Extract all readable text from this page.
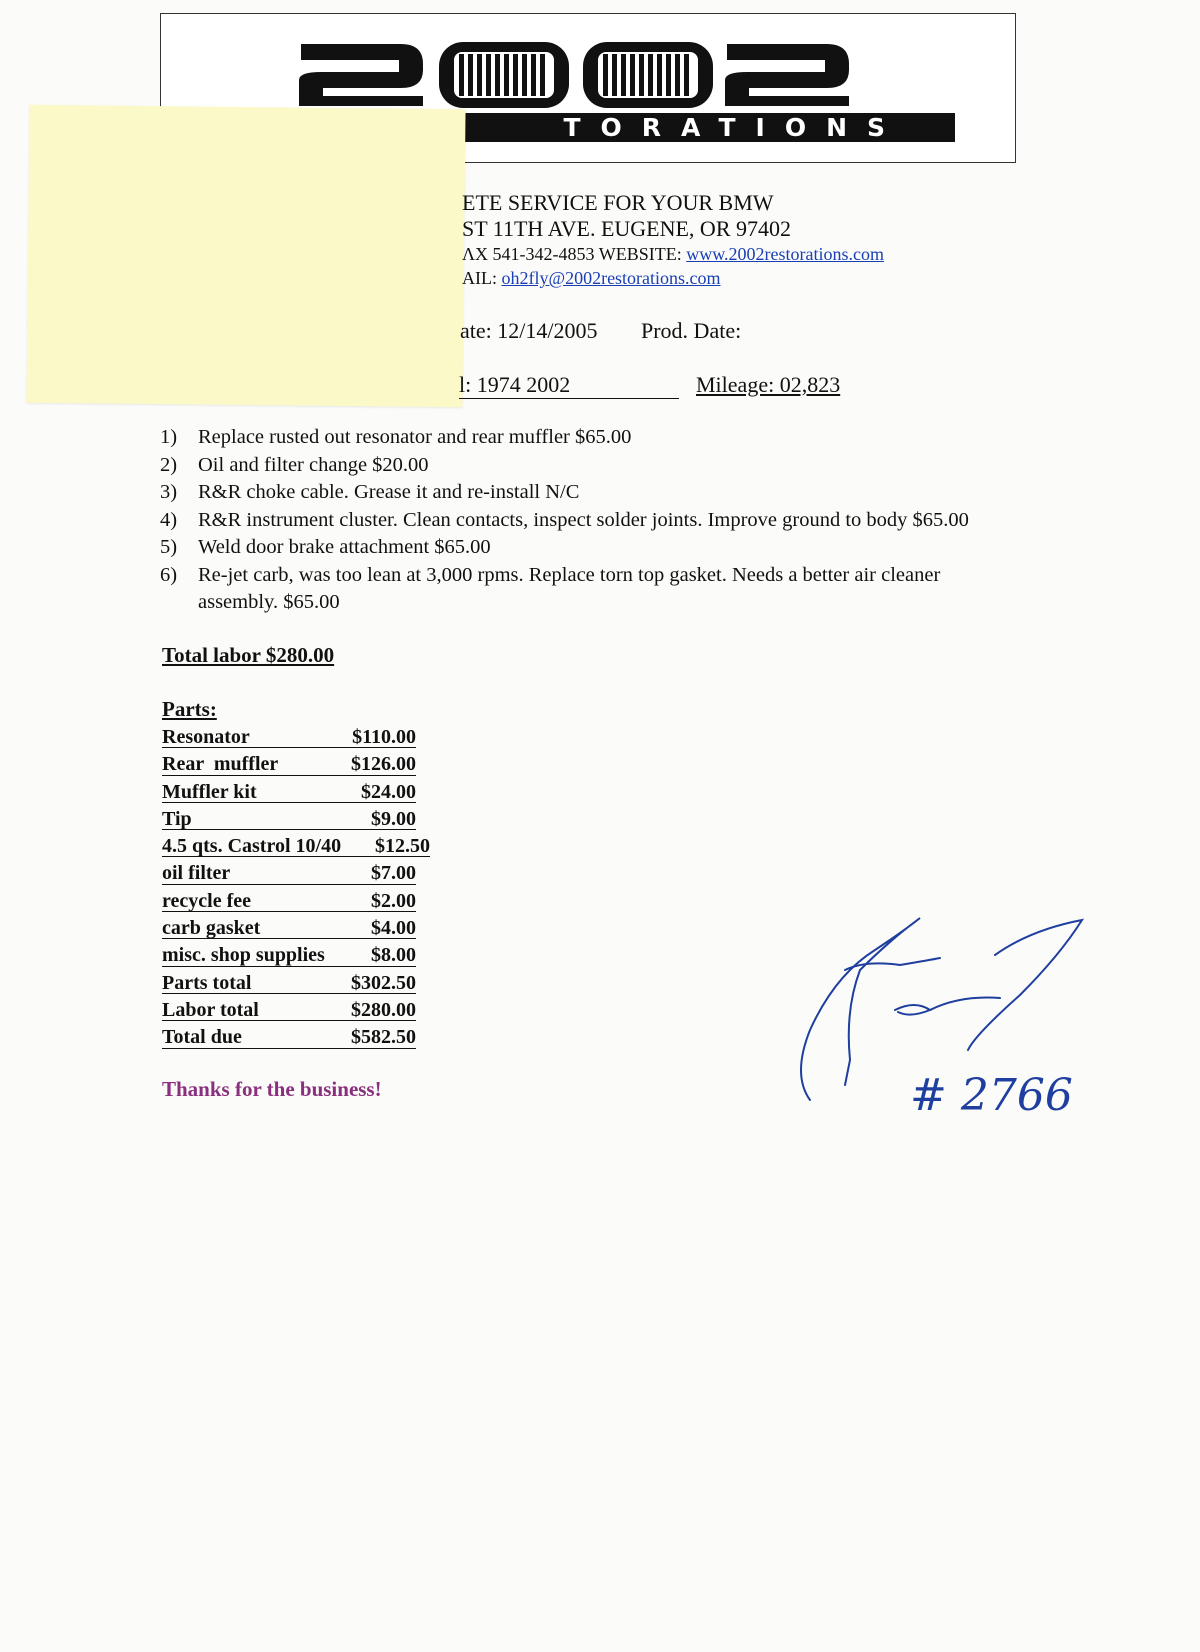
TORATIONS
ETE SERVICE FOR YOUR BMW
ST 11TH AVE. EUGENE, OR 97402
ɅX 541-342-4853 WEBSITE: www.2002restorations.com
AIL: oh2fly@2002restorations.com
ate: 12/14/2005 Prod. Date:
l: 1974 2002	Mileage: 02,823
1)	Replace rusted out resonator and rear muffler $65.00
2)	Oil and filter change $20.00
3)	R&R choke cable. Grease it and re-install N/C
4)	R&R instrument cluster. Clean contacts, inspect solder joints. Improve ground to body $65.00
5)	Weld door brake attachment $65.00
6)	Re-jet carb, was too lean at 3,000 rpms. Replace torn top gasket. Needs a better air cleaner assembly. $65.00
Total labor $280.00
Parts:
Resonator	$110.00
Rear  muffler	$126.00
Muffler kit	$24.00
Tip	$9.00
4.5 qts. Castrol 10/40 $12.50
oil filter	$7.00
recycle fee	$2.00
carb gasket	$4.00
misc. shop supplies $8.00
Parts total	$302.50
Labor total	$280.00
Total due	$582.50
Thanks for the business!	# 2766
